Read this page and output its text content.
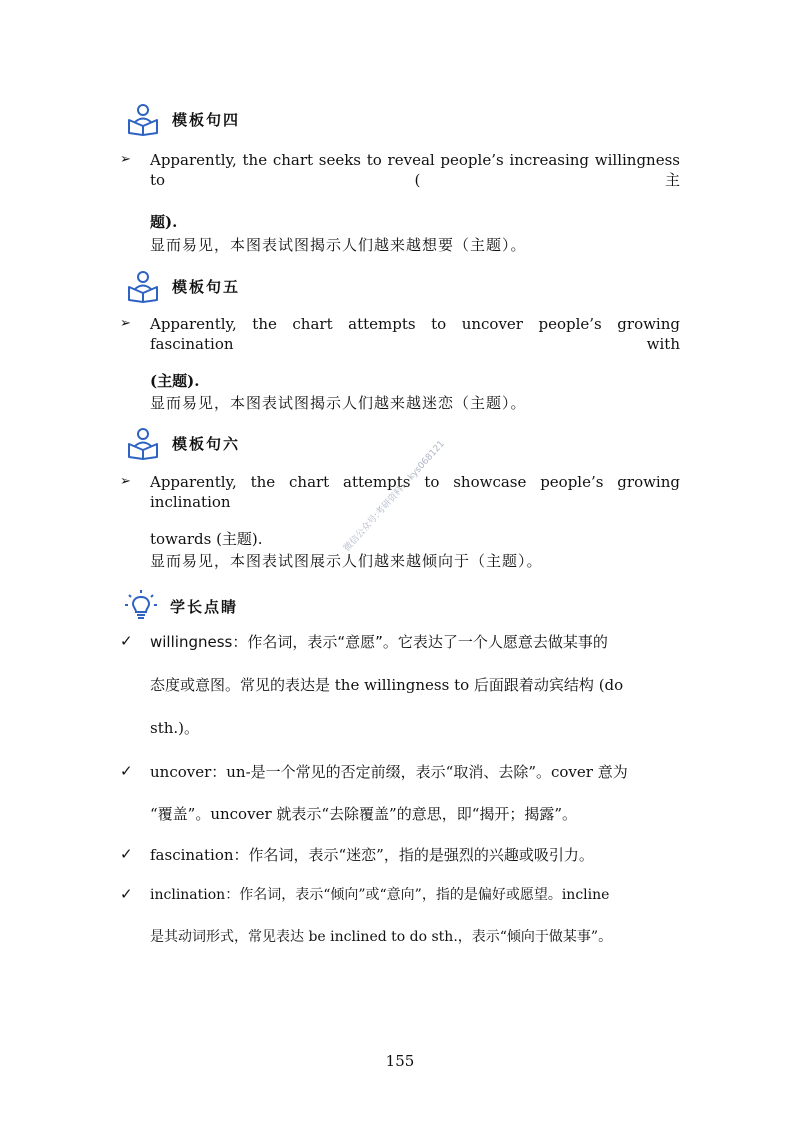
模板句四
➢ Apparently, the chart seeks to reveal people’s increasing willingness to (主
题).
显而易见，本图表试图揭示人们越来越想要（主题）。
模板句五
➢ Apparently, the chart attempts to uncover people’s growing fascination with
(主题).
显而易见，本图表试图揭示人们越来越迷恋（主题）。
模板句六
➢ Apparently, the chart attempts to showcase people’s growing inclination
towards (主题).
显而易见，本图表试图展示人们越来越倾向于（主题）。
学长点睛
✓	willingness：作名词，表示“意愿”。它表达了一个人愿意去做某事的
态度或意图。常见的表达是 the willingness to 后面跟着动宾结构 (do
sth.)。
✓	uncover：un-是一个常见的否定前缀，表示“取消、去除”。cover 意为
“覆盖”。uncover 就表示“去除覆盖”的意思，即“揭开；揭露”。
✓	fascination：作名词，表示“迷恋”，指的是强烈的兴趣或吸引力。
✓	inclination：作名词，表示“倾向”或“意向”，指的是偏好或愿望。incline
是其动词形式，常见表达 be inclined to do sth.，表示“倾向于做某事”。
微信公众号:考研资料… kys068121
155
